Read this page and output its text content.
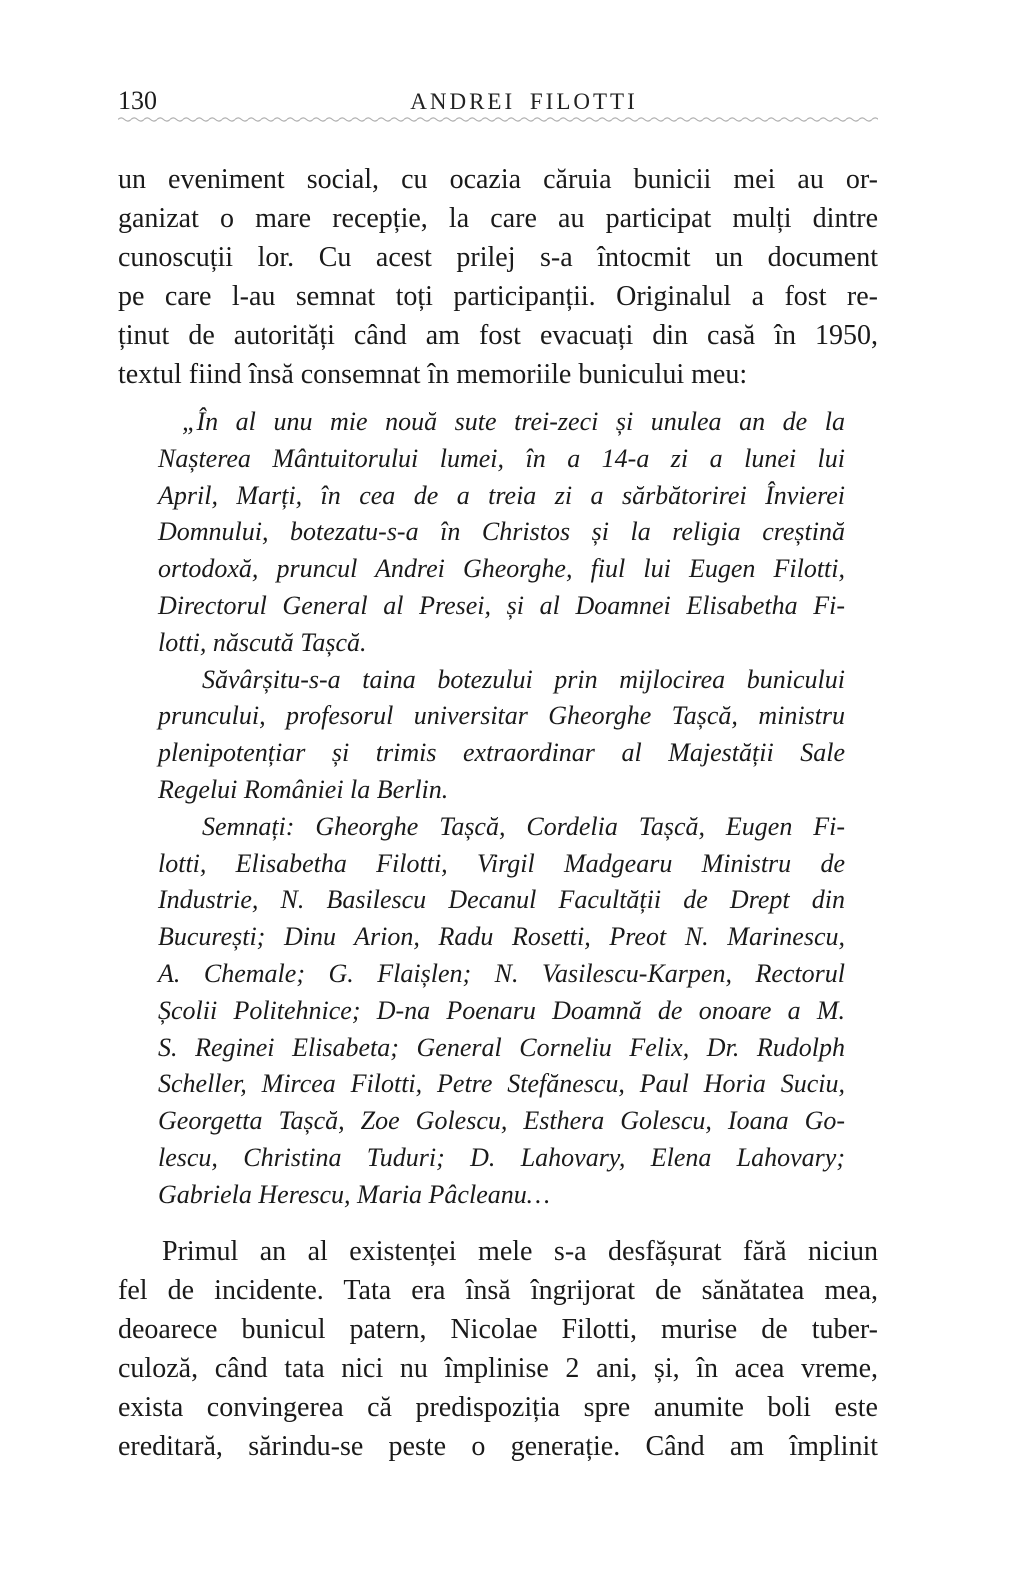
130	ANDREI FILOTTI

un eveniment social, cu ocazia căruia bunicii mei au or-
ganizat o mare recepție, la care au participat mulți dintre
cunoscuții lor. Cu acest prilej s-a întocmit un document
pe care l-au semnat toți participanții. Originalul a fost re-
ținut de autorități când am fost evacuați din casă în 1950,
textul fiind însă consemnat în memoriile bunicului meu:

„În al unu mie nouă sute trei-zeci și unulea an de la
Nașterea Mântuitorului lumei, în a 14-a zi a lunei lui
April, Marți, în cea de a treia zi a sărbătorirei Învierei
Domnului, botezatu-s-a în Christos și la religia creștină
ortodoxă, pruncul Andrei Gheorghe, fiul lui Eugen Filotti,
Directorul General al Presei, și al Doamnei Elisabetha Fi-
lotti, născută Tașcă.

Săvârșitu-s-a taina botezului prin mijlocirea bunicului
pruncului, profesorul universitar Gheorghe Tașcă, ministru
plenipotențiar și trimis extraordinar al Majestății Sale
Regelui României la Berlin.

Semnați: Gheorghe Tașcă, Cordelia Tașcă, Eugen Fi-
lotti, Elisabetha Filotti, Virgil Madgearu Ministru de
Industrie, N. Basilescu Decanul Facultății de Drept din
București; Dinu Arion, Radu Rosetti, Preot N. Marinescu,
A. Chemale; G. Flaișlen; N. Vasilescu-Karpen, Rectorul
Școlii Politehnice; D-na Poenaru Doamnă de onoare a M.
S. Reginei Elisabeta; General Corneliu Felix, Dr. Rudolph
Scheller, Mircea Filotti, Petre Stefănescu, Paul Horia Suciu,
Georgetta Tașcă, Zoe Golescu, Esthera Golescu, Ioana Go-
lescu, Christina Tuduri; D. Lahovary, Elena Lahovary;
Gabriela Herescu, Maria Pâcleanu…

Primul an al existenței mele s-a desfășurat fără niciun
fel de incidente. Tata era însă îngrijorat de sănătatea mea,
deoarece bunicul patern, Nicolae Filotti, murise de tuber-
culoză, când tata nici nu împlinise 2 ani, și, în acea vreme,
exista convingerea că predispoziția spre anumite boli este
ereditară, sărindu-se peste o generație. Când am împlinit
